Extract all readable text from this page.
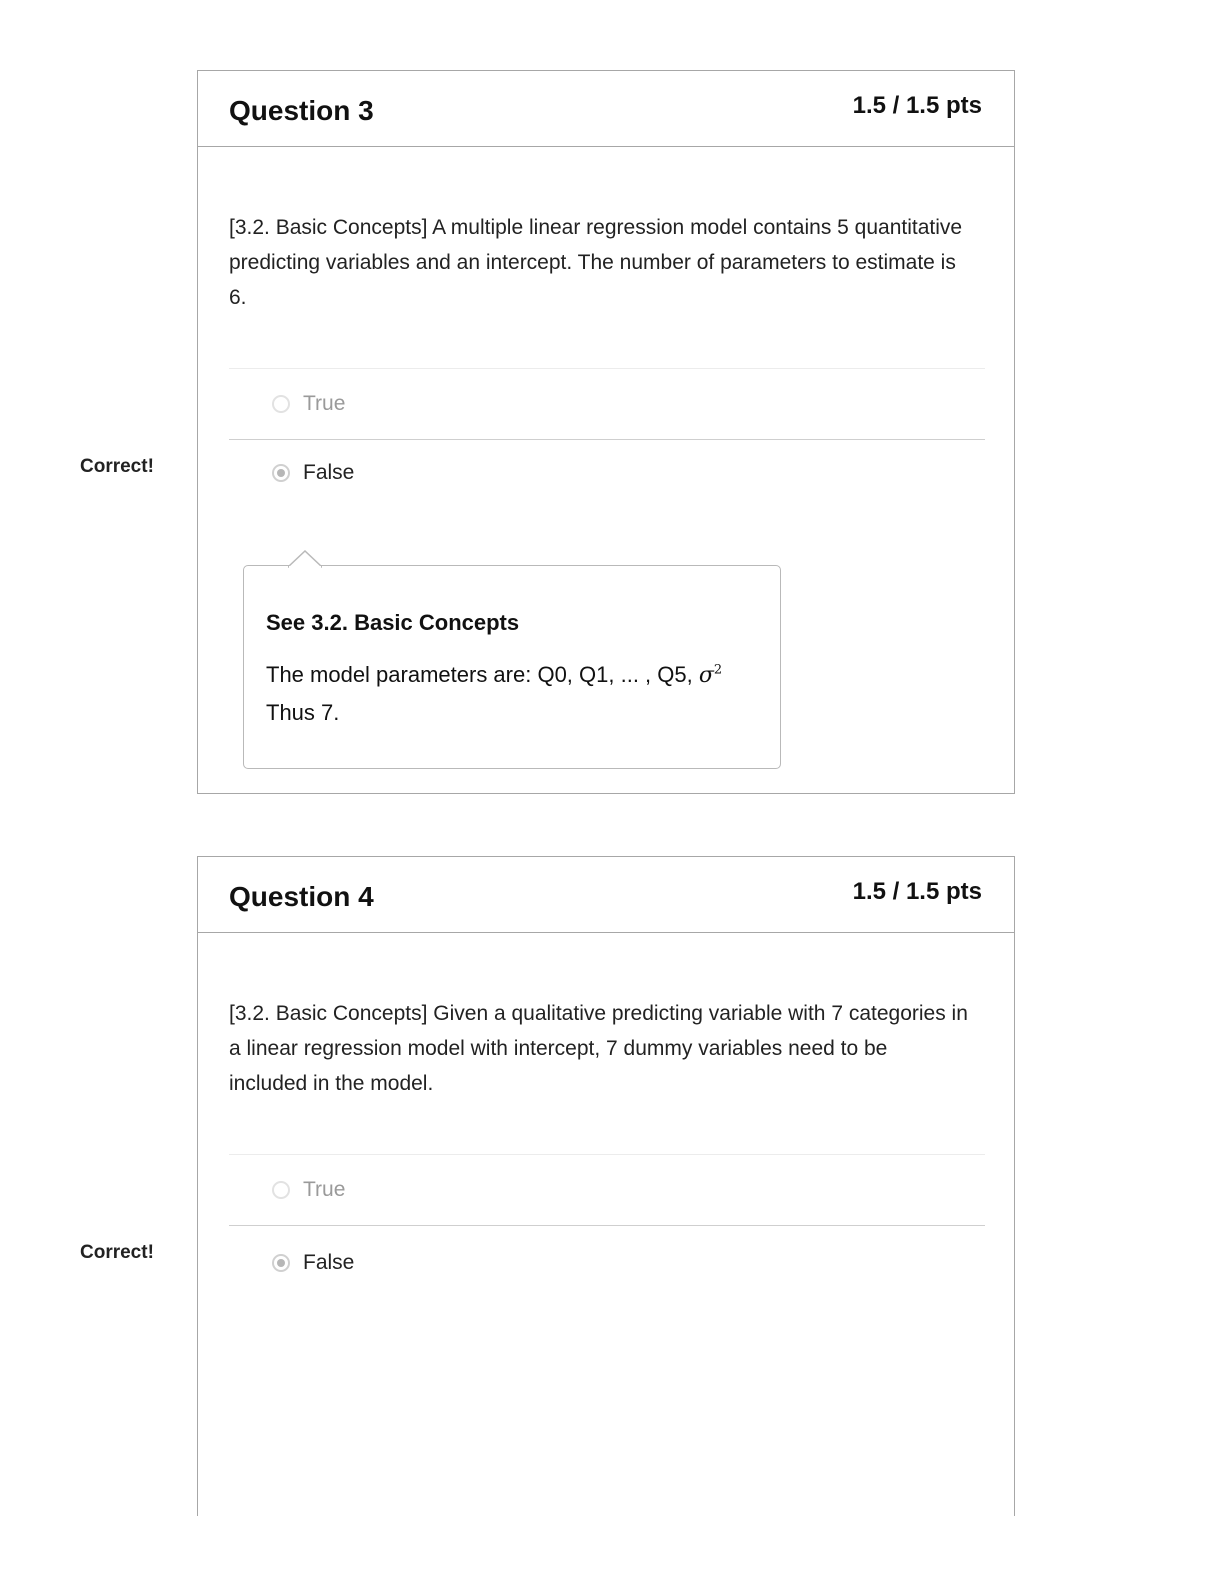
Correct!
Question 3	1.5 / 1.5 pts
[3.2. Basic Concepts] A multiple linear regression model contains 5 quantitative predicting variables and an intercept. The number of parameters to estimate is 6.
True
False
See 3.2. Basic Concepts
The model parameters are: Q0, Q1, ... , Q5, $\sigma^2$
Thus 7.
Correct!
Question 4	1.5 / 1.5 pts
[3.2. Basic Concepts] Given a qualitative predicting variable with 7 categories in a linear regression model with intercept, 7 dummy variables need to be included in the model.
True
False
